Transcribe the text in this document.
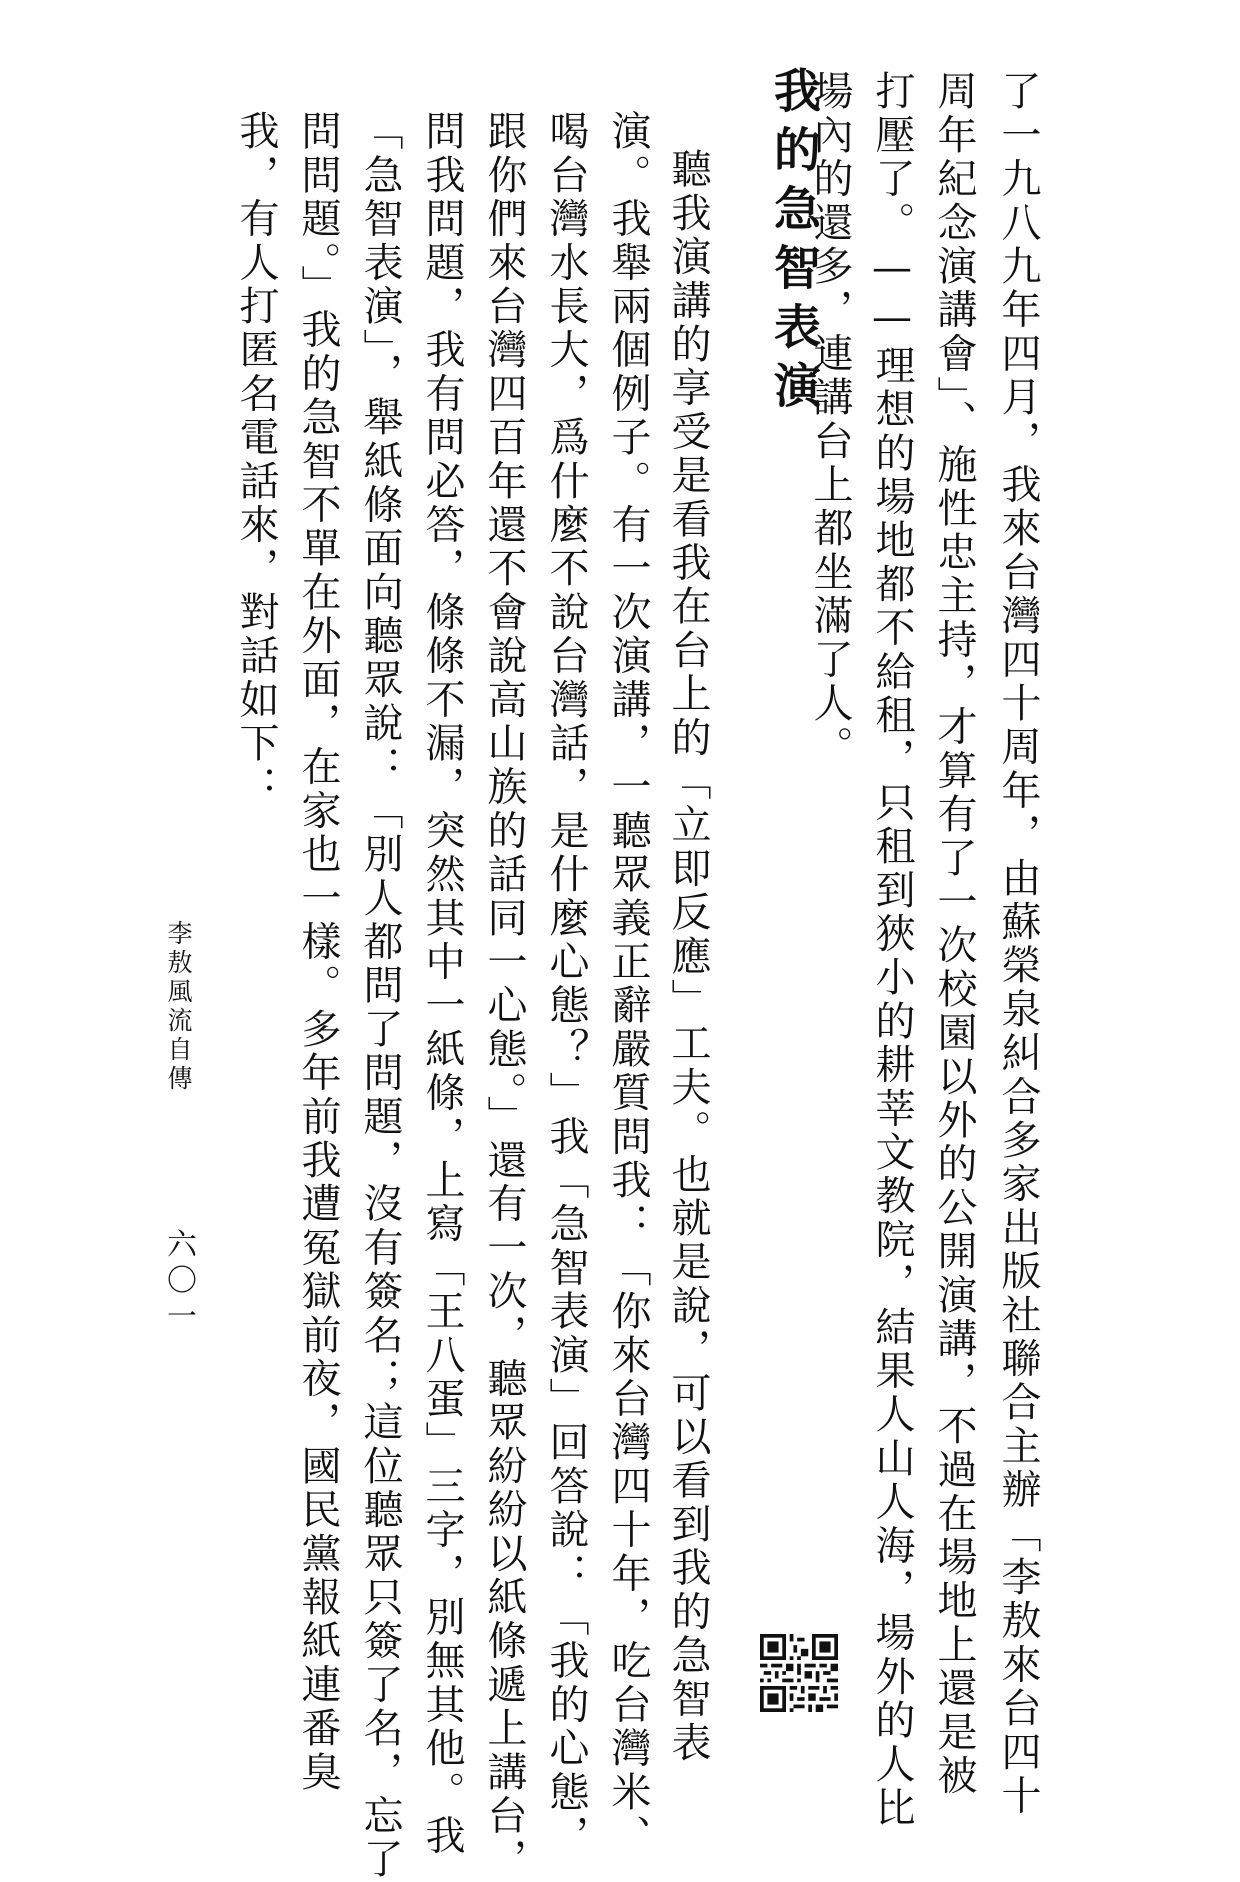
了一九八九年四月，我來台灣四十周年，由蘇榮泉糾合多家出版社聯合主辦「李敖來台四十
周年紀念演講會」、施性忠主持，才算有了一次校園以外的公開演講，不過在場地上還是被
打壓了。——理想的場地都不給租，只租到狹小的耕莘文教院，結果人山人海，場外的人比
場內的還多，連講台上都坐滿了人。
我的急智表演
聽我演講的享受是看我在台上的「立即反應」工夫。也就是說，可以看到我的急智表
演。我舉兩個例子。有一次演講，一聽眾義正辭嚴質問我：「你來台灣四十年，吃台灣米、
喝台灣水長大，爲什麼不說台灣話，是什麼心態？」我「急智表演」回答說：「我的心態，
跟你們來台灣四百年還不會說高山族的話同一心態。」還有一次，聽眾紛紛以紙條遞上講台，
問我問題，我有問必答，條條不漏，突然其中一紙條，上寫「王八蛋」三字，別無其他。我
「急智表演」，舉紙條面向聽眾說：「別人都問了問題，沒有簽名；這位聽眾只簽了名，忘了
問問題。」我的急智不單在外面，在家也一樣。多年前我遭冤獄前夜，國民黨報紙連番臭
我，有人打匿名電話來，對話如下：
李敖風流自傳
六〇一
